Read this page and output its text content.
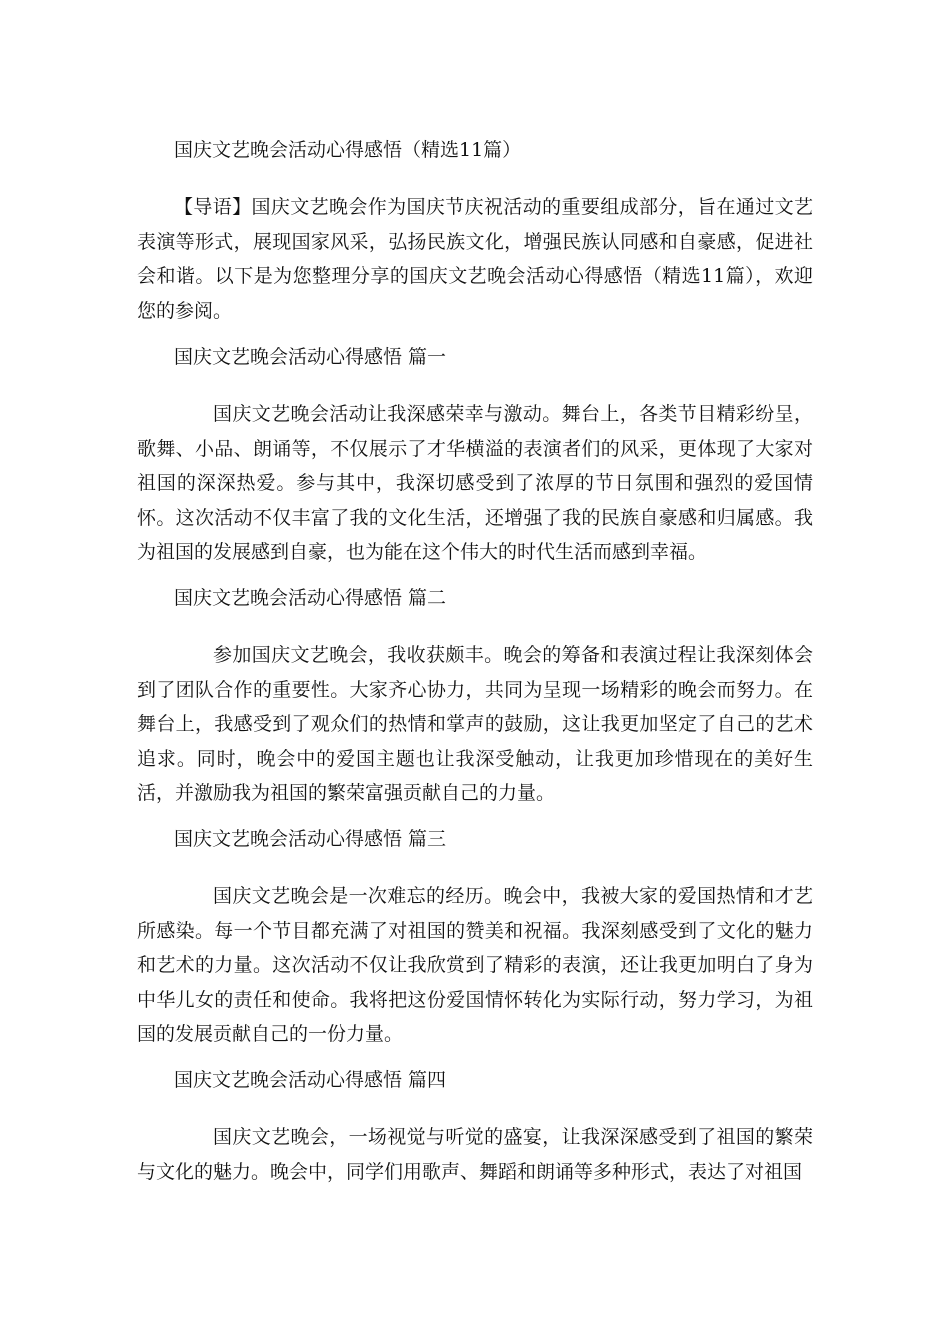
国庆文艺晚会活动心得感悟（精选11篇）

【导语】国庆文艺晚会作为国庆节庆祝活动的重要组成部分，旨在通过文艺表演等形式，展现国家风采，弘扬民族文化，增强民族认同感和自豪感，促进社会和谐。以下是为您整理分享的国庆文艺晚会活动心得感悟（精选11篇），欢迎您的参阅。

国庆文艺晚会活动心得感悟 篇一

国庆文艺晚会活动让我深感荣幸与激动。舞台上，各类节目精彩纷呈，歌舞、小品、朗诵等，不仅展示了才华横溢的表演者们的风采，更体现了大家对祖国的深深热爱。参与其中，我深切感受到了浓厚的节日氛围和强烈的爱国情怀。这次活动不仅丰富了我的文化生活，还增强了我的民族自豪感和归属感。我为祖国的发展感到自豪，也为能在这个伟大的时代生活而感到幸福。

国庆文艺晚会活动心得感悟 篇二

参加国庆文艺晚会，我收获颇丰。晚会的筹备和表演过程让我深刻体会到了团队合作的重要性。大家齐心协力，共同为呈现一场精彩的晚会而努力。在舞台上，我感受到了观众们的热情和掌声的鼓励，这让我更加坚定了自己的艺术追求。同时，晚会中的爱国主题也让我深受触动，让我更加珍惜现在的美好生活，并激励我为祖国的繁荣富强贡献自己的力量。

国庆文艺晚会活动心得感悟 篇三

国庆文艺晚会是一次难忘的经历。晚会中，我被大家的爱国热情和才艺所感染。每一个节目都充满了对祖国的赞美和祝福。我深刻感受到了文化的魅力和艺术的力量。这次活动不仅让我欣赏到了精彩的表演，还让我更加明白了身为中华儿女的责任和使命。我将把这份爱国情怀转化为实际行动，努力学习，为祖国的发展贡献自己的一份力量。

国庆文艺晚会活动心得感悟 篇四

国庆文艺晚会，一场视觉与听觉的盛宴，让我深深感受到了祖国的繁荣与文化的魅力。晚会中，同学们用歌声、舞蹈和朗诵等多种形式，表达了对祖国
